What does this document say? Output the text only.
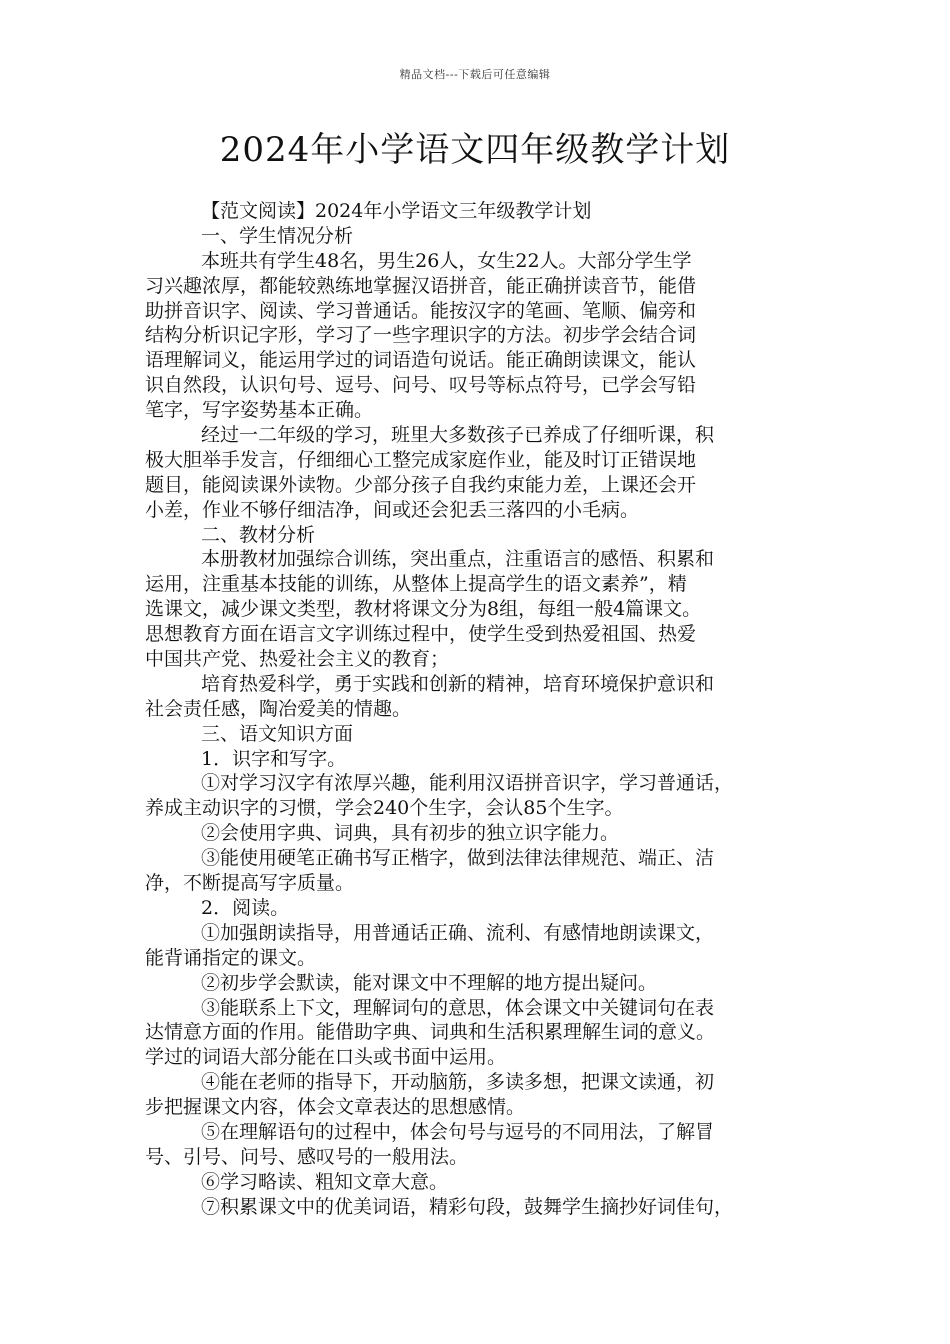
精品文档---下载后可任意编辑
2024年小学语文四年级教学计划
【范文阅读】2024年小学语文三年级教学计划
一、学生情况分析
本班共有学生48名，男生26人，女生22人。大部分学生学
习兴趣浓厚，都能较熟练地掌握汉语拼音，能正确拼读音节，能借
助拼音识字、阅读、学习普通话。能按汉字的笔画、笔顺、偏旁和
结构分析识记字形，学习了一些字理识字的方法。初步学会结合词
语理解词义，能运用学过的词语造句说话。能正确朗读课文，能认
识自然段，认识句号、逗号、问号、叹号等标点符号，已学会写铅
笔字，写字姿势基本正确。
经过一二年级的学习，班里大多数孩子已养成了仔细听课，积
极大胆举手发言，仔细细心工整完成家庭作业，能及时订正错误地
题目，能阅读课外读物。少部分孩子自我约束能力差，上课还会开
小差，作业不够仔细洁净，间或还会犯丢三落四的小毛病。
二、教材分析
本册教材加强综合训练，突出重点，注重语言的感悟、积累和
运用，注重基本技能的训练，从整体上提高学生的语文素养”，精
选课文，减少课文类型，教材将课文分为8组，每组一般4篇课文。
思想教育方面在语言文字训练过程中，使学生受到热爱祖国、热爱
中国共产党、热爱社会主义的教育；
培育热爱科学，勇于实践和创新的精神，培育环境保护意识和
社会责任感，陶冶爱美的情趣。
三、语文知识方面
1．识字和写字。
①对学习汉字有浓厚兴趣，能利用汉语拼音识字，学习普通话，
养成主动识字的习惯，学会240个生字，会认85个生字。
②会使用字典、词典，具有初步的独立识字能力。
③能使用硬笔正确书写正楷字，做到法律法律规范、端正、洁
净，不断提高写字质量。
2．阅读。
①加强朗读指导，用普通话正确、流利、有感情地朗读课文，
能背诵指定的课文。
②初步学会默读，能对课文中不理解的地方提出疑问。
③能联系上下文，理解词句的意思，体会课文中关键词句在表
达情意方面的作用。能借助字典、词典和生活积累理解生词的意义。
学过的词语大部分能在口头或书面中运用。
④能在老师的指导下，开动脑筋，多读多想，把课文读通，初
步把握课文内容，体会文章表达的思想感情。
⑤在理解语句的过程中，体会句号与逗号的不同用法，了解冒
号、引号、问号、感叹号的一般用法。
⑥学习略读、粗知文章大意。
⑦积累课文中的优美词语，精彩句段，鼓舞学生摘抄好词佳句，
